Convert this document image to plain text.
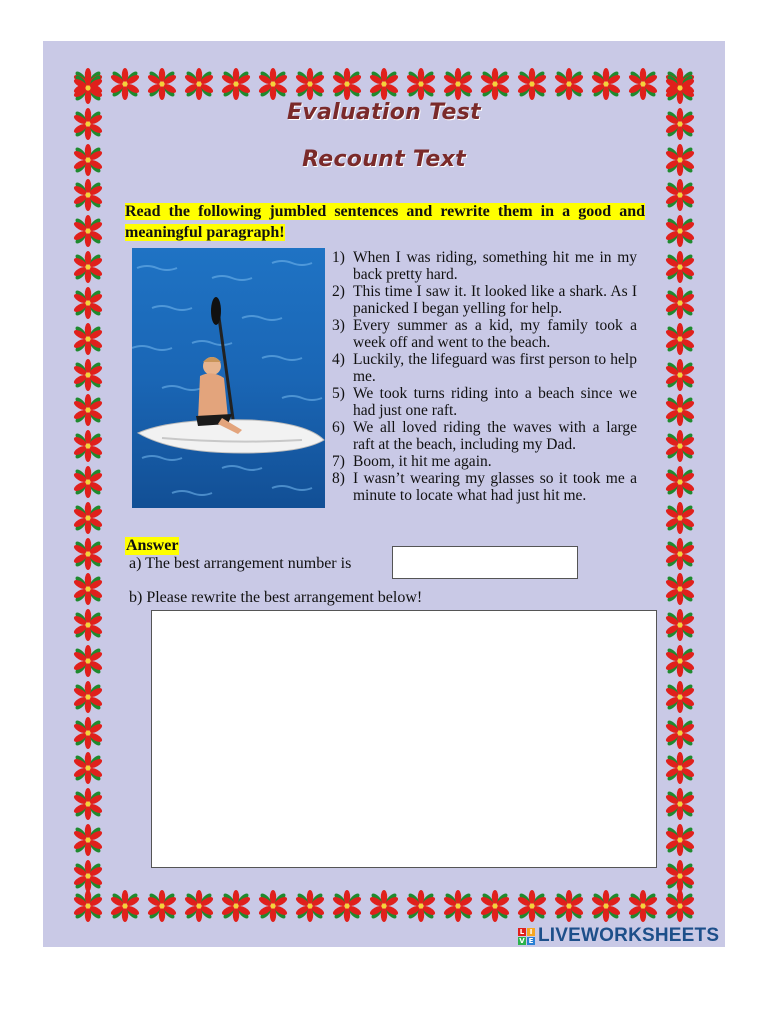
Evaluation Test
Recount Text
Read the following jumbled sentences and rewrite them in a good and meaningful paragraph!
1) When I was riding, something hit me in my back pretty hard.
2) This time I saw it. It looked like a shark. As I panicked I began yelling for help.
3) Every summer as a kid, my family took a week off and went to the beach.
4) Luckily, the lifeguard was first person to help me.
5) We took turns riding into a beach since we had just one raft.
6) We all loved riding the waves with a large raft at the beach, including my Dad.
7) Boom, it hit me again.
8) I wasn’t wearing my glasses so it took me a minute to locate what had just hit me.
Answer
a) The best arrangement number is
b) Please rewrite the best arrangement below!
L I
V E LIVEWORKSHEETS
